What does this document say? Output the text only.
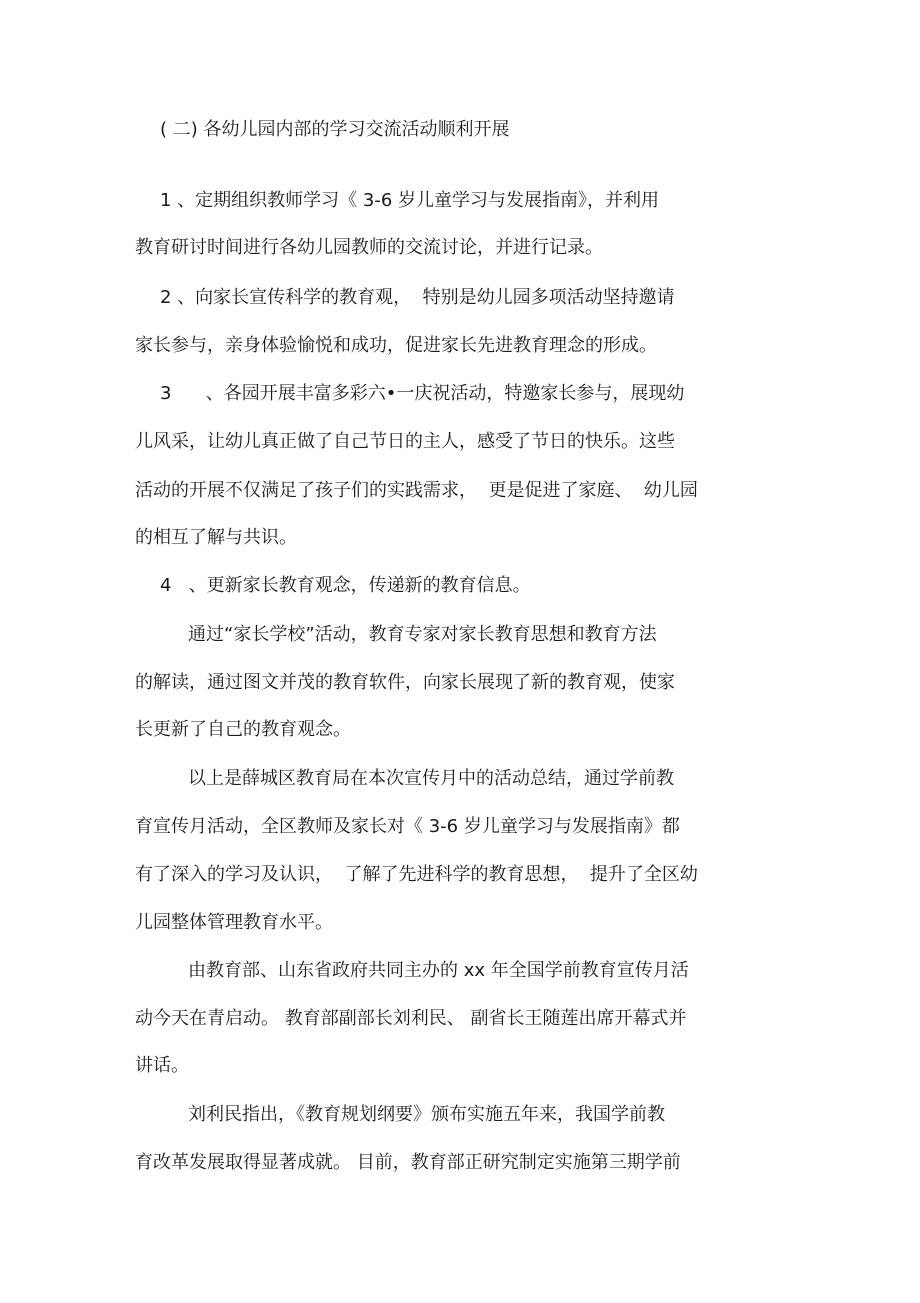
( 二) 各幼儿园内部的学习交流活动顺利开展

1 、定期组织教师学习《 3-6 岁儿童学习与发展指南》，并利用

教育研讨时间进行各幼儿园教师的交流讨论，并进行记录。

2 、向家长宣传科学的教育观，  特别是幼儿园多项活动坚持邀请

家长参与，亲身体验愉悦和成功，促进家长先进教育理念的形成。

3      、各园开展丰富多彩六•一庆祝活动，特邀家长参与，展现幼

儿风采，让幼儿真正做了自己节日的主人，感受了节日的快乐。这些

活动的开展不仅满足了孩子们的实践需求，  更是促进了家庭、  幼儿园

的相互了解与共识。

4   、更新家长教育观念，传递新的教育信息。

通过“家长学校”活动，教育专家对家长教育思想和教育方法

的解读，通过图文并茂的教育软件，向家长展现了新的教育观，使家

长更新了自己的教育观念。

以上是薛城区教育局在本次宣传月中的活动总结，通过学前教

育宣传月活动，全区教师及家长对《 3-6 岁儿童学习与发展指南》都

有了深入的学习及认识，  了解了先进科学的教育思想，  提升了全区幼

儿园整体管理教育水平。

由教育部、山东省政府共同主办的 xx 年全国学前教育宣传月活

动今天在青启动。 教育部副部长刘利民、 副省长王随莲出席开幕式并

讲话。

刘利民指出，《教育规划纲要》颁布实施五年来，我国学前教

育改革发展取得显著成就。 目前，教育部正研究制定实施第三期学前
